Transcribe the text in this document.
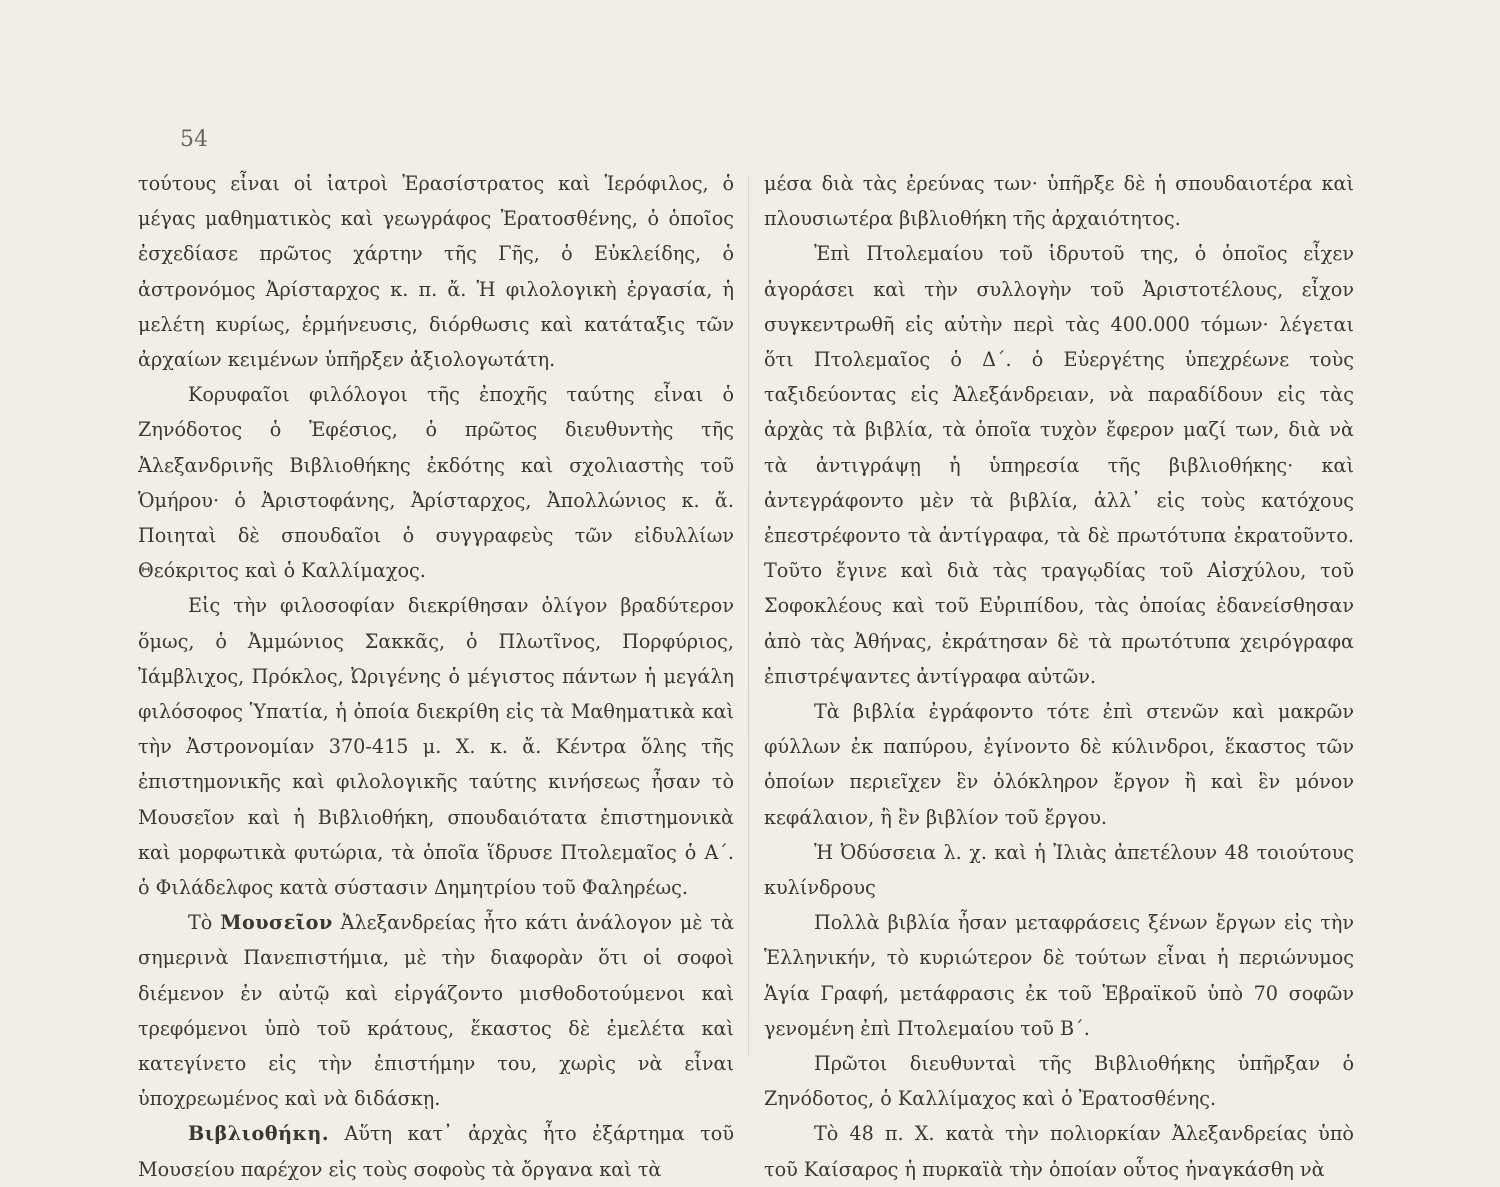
54

τούτους εἶναι οἱ ἰατροὶ Ἐρασίστρατος καὶ Ἱερόφιλος, ὁ μέγας μαθηματικὸς καὶ γεωγράφος Ἐρατοσθένης, ὁ ὁποῖος ἐσχεδίασε πρῶτος χάρτην τῆς Γῆς, ὁ Εὐκλείδης, ὁ ἀστρονόμος Ἀρίσταρχος κ. π. ἄ. Ἡ φιλολογικὴ ἐργασία, ἡ μελέτη κυρίως, ἑρμήνευσις, διόρθωσις καὶ κατάταξις τῶν ἀρχαίων κειμένων ὑπῆρξεν ἀξιολογωτάτη.

Κορυφαῖοι φιλόλογοι τῆς ἐποχῆς ταύτης εἶναι ὁ Ζηνόδοτος ὁ Ἐφέσιος, ὁ πρῶτος διευθυντὴς τῆς Ἀλεξανδρινῆς Βιβλιοθήκης ἐκδότης καὶ σχολιαστὴς τοῦ Ὁμήρου· ὁ Ἀριστοφάνης, Ἀρίσταρχος, Ἀπολλώνιος κ. ἄ. Ποιηταὶ δὲ σπουδαῖοι ὁ συγγραφεὺς τῶν εἰδυλλίων Θεόκριτος καὶ ὁ Καλλίμαχος.

Εἰς τὴν φιλοσοφίαν διεκρίθησαν ὀλίγον βραδύτερον ὅμως, ὁ Ἀμμώνιος Σακκᾶς, ὁ Πλωτῖνος, Πορφύριος, Ἰάμβλιχος, Πρόκλος, Ὠριγένης ὁ μέγιστος πάντων ἡ μεγάλη φιλόσοφος Ὑπατία, ἡ ὁποία διεκρίθη εἰς τὰ Μαθηματικὰ καὶ τὴν Ἀστρονομίαν 370-415 μ. Χ. κ. ἄ. Κέντρα ὅλης τῆς ἐπιστημονικῆς καὶ φιλολογικῆς ταύτης κινήσεως ἦσαν τὸ Μουσεῖον καὶ ἡ Βιβλιοθήκη, σπουδαιότατα ἐπιστημονικὰ καὶ μορφωτικὰ φυτώρια, τὰ ὁποῖα ἵδρυσε Πτολεμαῖος ὁ Α΄. ὁ Φιλάδελφος κατὰ σύστασιν Δημητρίου τοῦ Φαληρέως.

Τὸ Μουσεῖον Ἀλεξανδρείας ἦτο κάτι ἀνάλογον μὲ τὰ σημερινὰ Πανεπιστήμια, μὲ τὴν διαφορὰν ὅτι οἱ σοφοὶ διέμενον ἐν αὐτῷ καὶ εἰργάζοντο μισθοδοτούμενοι καὶ τρεφόμενοι ὑπὸ τοῦ κράτους, ἕκαστος δὲ ἐμελέτα καὶ κατεγίνετο εἰς τὴν ἐπιστήμην του, χωρὶς νὰ εἶναι ὑποχρεωμένος καὶ νὰ διδάσκῃ.

Βιβλιοθήκη. Αὕτη κατ᾽ ἀρχὰς ἦτο ἐξάρτημα τοῦ Μουσείου παρέχον εἰς τοὺς σοφοὺς τὰ ὄργανα καὶ τὰ

μέσα διὰ τὰς ἐρεύνας των· ὑπῆρξε δὲ ἡ σπουδαιοτέρα καὶ πλουσιωτέρα βιβλιοθήκη τῆς ἀρχαιότητος.

Ἐπὶ Πτολεμαίου τοῦ ἱδρυτοῦ της, ὁ ὁποῖος εἶχεν ἀγοράσει καὶ τὴν συλλογὴν τοῦ Ἀριστοτέλους, εἶχον συγκεντρωθῆ εἰς αὐτὴν περὶ τὰς 400.000 τόμων· λέγεται ὅτι Πτολεμαῖος ὁ Δ΄. ὁ Εὐεργέτης ὑπεχρέωνε τοὺς ταξιδεύοντας εἰς Ἀλεξάνδρειαν, νὰ παραδίδουν εἰς τὰς ἀρχὰς τὰ βιβλία, τὰ ὁποῖα τυχὸν ἔφερον μαζί των, διὰ νὰ τὰ ἀντιγράψῃ ἡ ὑπηρεσία τῆς βιβλιοθήκης· καὶ ἀντεγράφοντο μὲν τὰ βιβλία, ἀλλ᾽ εἰς τοὺς κατόχους ἐπεστρέφοντο τὰ ἀντίγραφα, τὰ δὲ πρωτότυπα ἐκρατοῦντο. Τοῦτο ἔγινε καὶ διὰ τὰς τραγῳδίας τοῦ Αἰσχύλου, τοῦ Σοφοκλέους καὶ τοῦ Εὐριπίδου, τὰς ὁποίας ἐδανείσθησαν ἀπὸ τὰς Ἀθήνας, ἐκράτησαν δὲ τὰ πρωτότυπα χειρόγραφα ἐπιστρέψαντες ἀντίγραφα αὐτῶν.

Τὰ βιβλία ἐγράφοντο τότε ἐπὶ στενῶν καὶ μακρῶν φύλλων ἐκ παπύρου, ἐγίνοντο δὲ κύλινδροι, ἕκαστος τῶν ὁποίων περιεῖχεν ἓν ὁλόκληρον ἔργον ἢ καὶ ἓν μόνον κεφάλαιον, ἢ ἓν βιβλίον τοῦ ἔργου.

Ἡ Ὀδύσσεια λ. χ. καὶ ἡ Ἰλιὰς ἀπετέλουν 48 τοιούτους κυλίνδρους

Πολλὰ βιβλία ἦσαν μεταφράσεις ξένων ἔργων εἰς τὴν Ἑλληνικήν, τὸ κυριώτερον δὲ τούτων εἶναι ἡ περιώνυμος Ἁγία Γραφή, μετάφρασις ἐκ τοῦ Ἑβραϊκοῦ ὑπὸ 70 σοφῶν γενομένη ἐπὶ Πτολεμαίου τοῦ Β΄.

Πρῶτοι διευθυνταὶ τῆς Βιβλιοθήκης ὑπῆρξαν ὁ Ζηνόδοτος, ὁ Καλλίμαχος καὶ ὁ Ἐρατοσθένης.

Τὸ 48 π. Χ. κατὰ τὴν πολιορκίαν Ἀλεξανδρείας ὑπὸ τοῦ Καίσαρος ἡ πυρκαϊὰ τὴν ὁποίαν οὗτος ἠναγκάσθη νὰ
